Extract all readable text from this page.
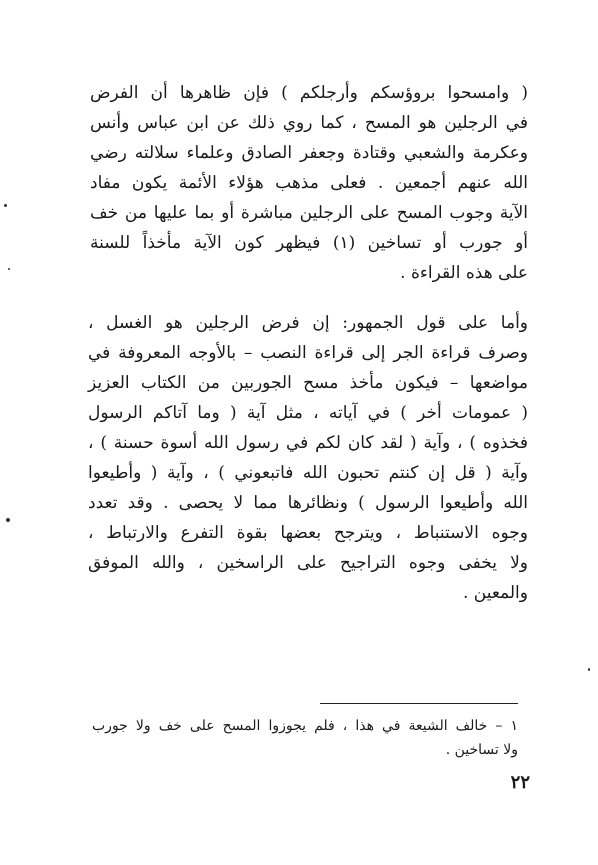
( وامسحوا بروؤسكم وأرجلكم ) فإن ظاهرها أن الفرض
في الرجلين هو المسح ، كما روي ذلك عن ابن عباس وأنس
وعكرمة والشعبي وقتادة وجعفر الصادق وعلماء سلالته رضي
الله عنهم أجمعين . فعلى مذهب هؤلاء الأئمة يكون مفاد
الآية وجوب المسح على الرجلين مباشرة أو بما عليها من خف
أو جورب أو تساخين (١) فيظهر كون الآية مأخذاً للسنة
على هذه القراءة .
وأما على قول الجمهور: إن فرض الرجلين هو الغسل ،
وصرف قراءة الجر إلى قراءة النصب – بالأوجه المعروفة في
مواضعها – فيكون مأخذ مسح الجوربين من الكتاب العزيز
( عمومات أخر ) في آياته ، مثل آية ( وما آتاكم الرسول
فخذوه ) ، وآية ( لقد كان لكم في رسول الله أسوة حسنة ) ،
وآية ( قل إن كنتم تحبون الله فاتبعوني ) ، وآية ( وأطيعوا
الله وأطيعوا الرسول ) ونظائرها مما لا يحصى . وقد تعدد
وجوه الاستنباط ، ويترجح بعضها بقوة التفرع والارتباط ،
ولا يخفى وجوه التراجيح على الراسخين ، والله الموفق
والمعين .
١ – خالف الشيعة في هذا ، فلم يجوزوا المسح على خف ولا جورب
ولا تساخين .
٢٢
